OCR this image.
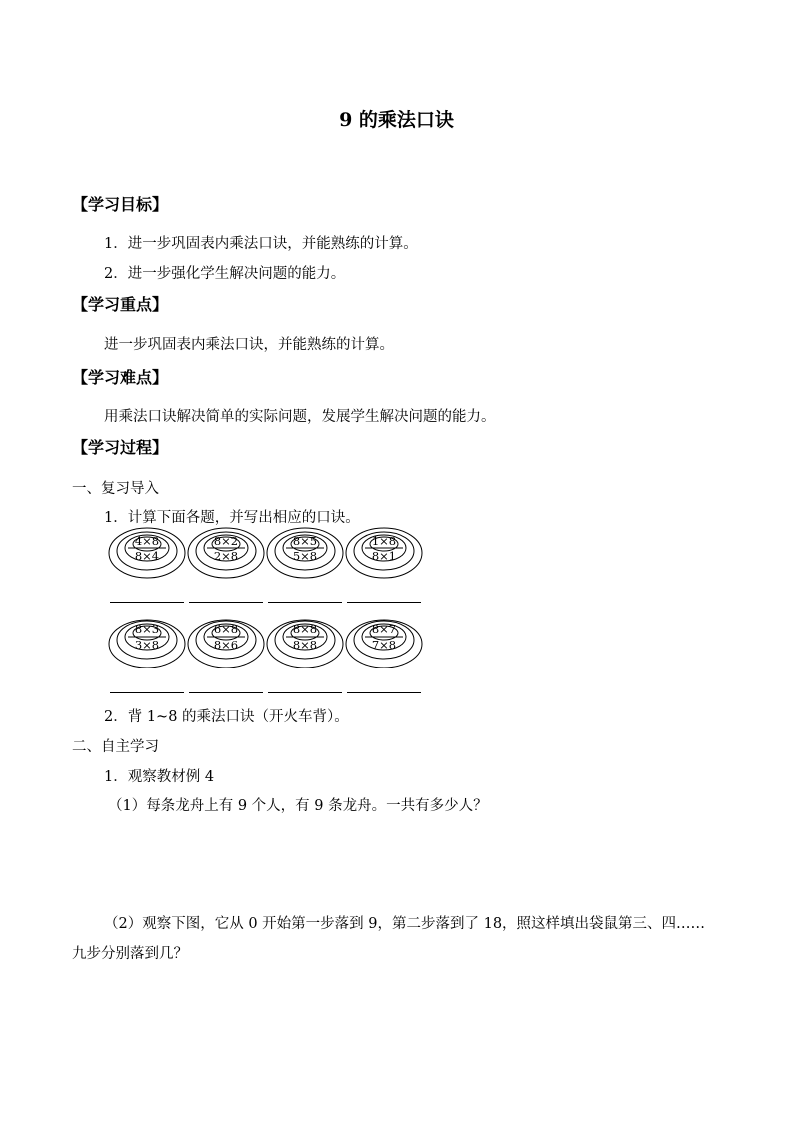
9 的乘法口诀
【学习目标】
1．进一步巩固表内乘法口诀，并能熟练的计算。
2．进一步强化学生解决问题的能力。
【学习重点】
进一步巩固表内乘法口诀，并能熟练的计算。
【学习难点】
用乘法口诀解决简单的实际问题，发展学生解决问题的能力。
【学习过程】
一、复习导入
1．计算下面各题，并写出相应的口诀。
4×8
8×4
8×2
2×8
8×5
5×8
1×8
8×1
8×3
3×8
6×8
8×6
8×8
8×8
8×7
7×8
2．背 1~8 的乘法口诀（开火车背）。
二、自主学习
1．观察教材例 4
（1）每条龙舟上有 9 个人，有 9 条龙舟。一共有多少人？
（2）观察下图，它从 0 开始第一步落到 9，第二步落到了 18，照这样填出袋鼠第三、四……
九步分别落到几？
